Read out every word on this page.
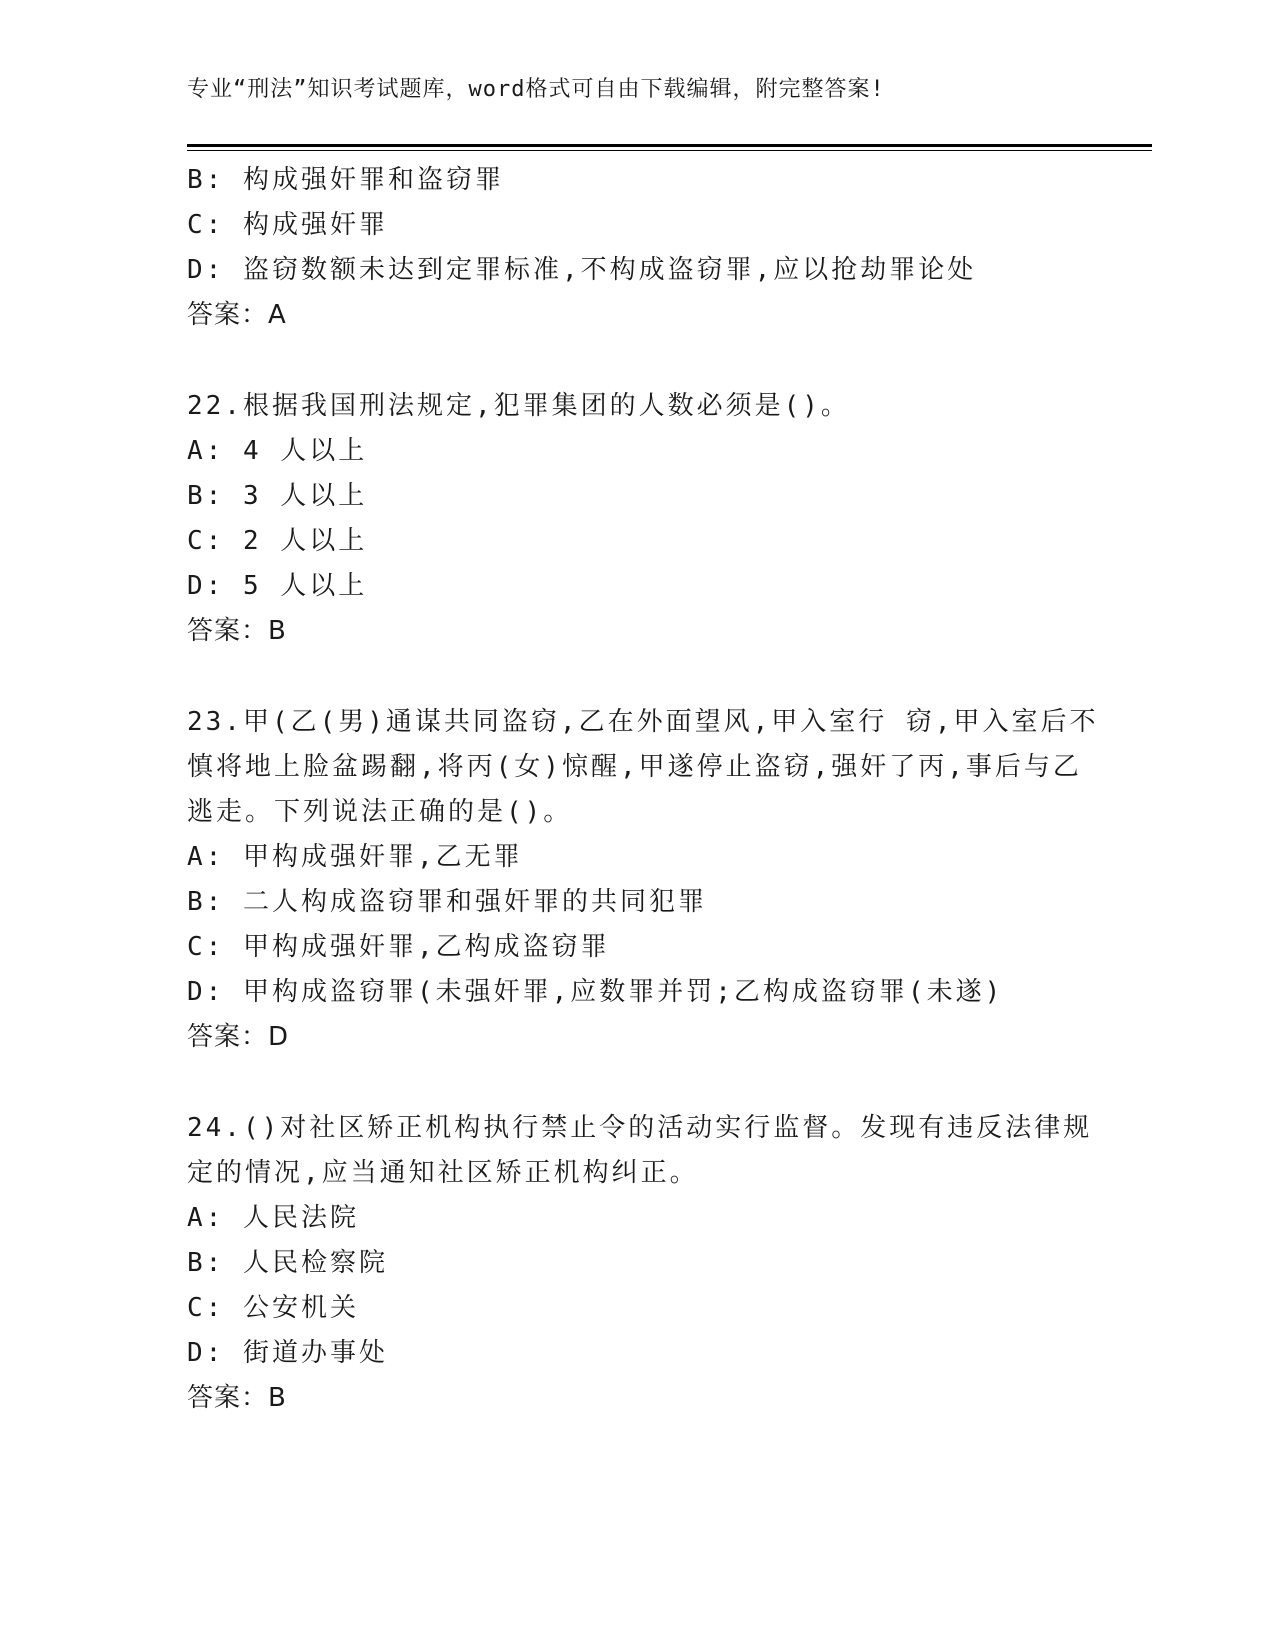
专业“刑法”知识考试题库，word格式可自由下载编辑，附完整答案!
B: 构成强奸罪和盗窃罪
C: 构成强奸罪
D: 盗窃数额未达到定罪标准,不构成盗窃罪,应以抢劫罪论处
答案：A
22.根据我国刑法规定,犯罪集团的人数必须是()。
A: 4 人以上
B: 3 人以上
C: 2 人以上
D: 5 人以上
答案：B
23.甲(乙(男)通谋共同盗窃,乙在外面望风,甲入室行 窃,甲入室后不
慎将地上脸盆踢翻,将丙(女)惊醒,甲遂停止盗窃,强奸了丙,事后与乙
逃走。下列说法正确的是()。
A: 甲构成强奸罪,乙无罪
B: 二人构成盗窃罪和强奸罪的共同犯罪
C: 甲构成强奸罪,乙构成盗窃罪
D: 甲构成盗窃罪(未强奸罪,应数罪并罚;乙构成盗窃罪(未遂)
答案：D
24.()对社区矫正机构执行禁止令的活动实行监督。发现有违反法律规
定的情况,应当通知社区矫正机构纠正。
A: 人民法院
B: 人民检察院
C: 公安机关
D: 街道办事处
答案：B
